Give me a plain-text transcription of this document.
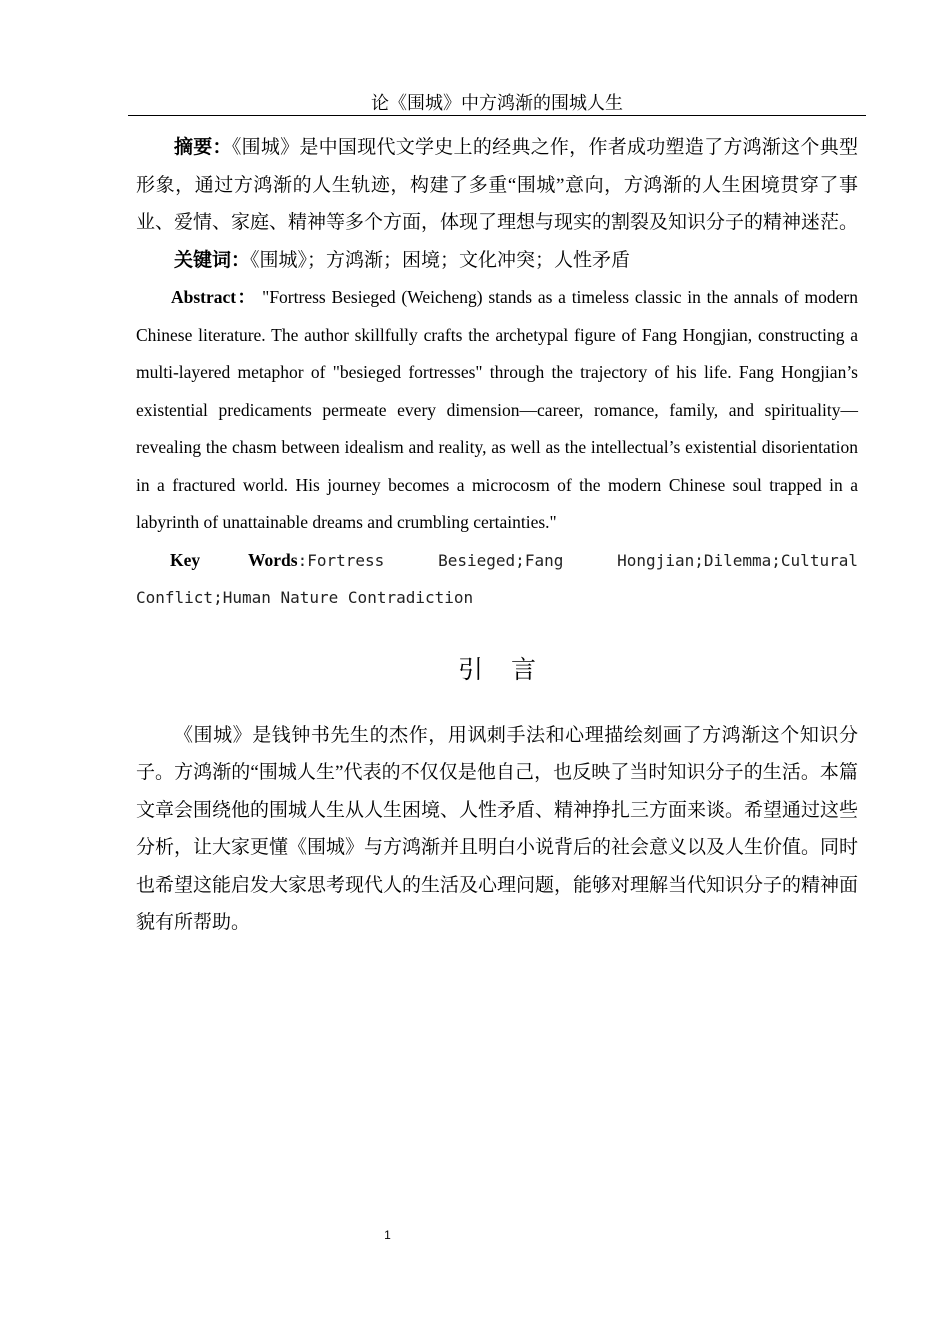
论《围城》中方鸿渐的围城人生

摘要：《围城》是中国现代文学史上的经典之作，作者成功塑造了方鸿渐这个典型形象，通过方鸿渐的人生轨迹，构建了多重“围城”意向，方鸿渐的人生困境贯穿了事业、爱情、家庭、精神等多个方面，体现了理想与现实的割裂及知识分子的精神迷茫。

关键词：《围城》；方鸿渐；困境；文化冲突；人性矛盾

Abstract： "Fortress Besieged (Weicheng) stands as a timeless classic in the annals of modern Chinese literature. The author skillfully crafts the archetypal figure of Fang Hongjian, constructing a multi-layered metaphor of "besieged fortresses" through the trajectory of his life. Fang Hongjian’s existential predicaments permeate every dimension—career, romance, family, and spirituality—revealing the chasm between idealism and reality, as well as the intellectual’s existential disorientation in a fractured world. His journey becomes a microcosm of the modern Chinese soul trapped in a labyrinth of unattainable dreams and crumbling certainties."

Key Words:Fortress    Besieged;Fang    Hongjian;Dilemma;Cultural Conflict;Human Nature Contradiction

引言

《围城》是钱钟书先生的杰作，用讽刺手法和心理描绘刻画了方鸿渐这个知识分子。方鸿渐的“围城人生”代表的不仅仅是他自己，也反映了当时知识分子的生活。本篇文章会围绕他的围城人生从人生困境、人性矛盾、精神挣扎三方面来谈。希望通过这些分析，让大家更懂《围城》与方鸿渐并且明白小说背后的社会意义以及人生价值。同时也希望这能启发大家思考现代人的生活及心理问题，能够对理解当代知识分子的精神面貌有所帮助。

1
